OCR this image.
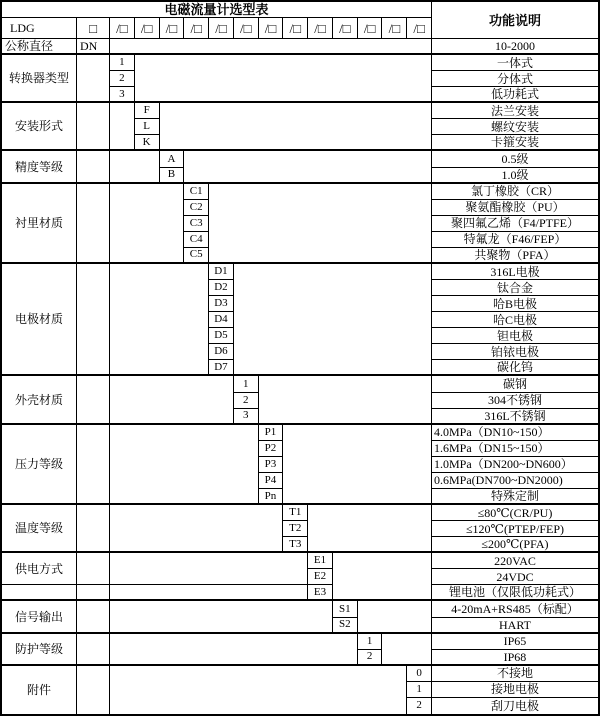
电磁流量计选型表
功能说明
LDG	□	/□	/□	/□	/□	/□	/□	/□	/□	/□	/□	/□	/□	/□
公称直径	DN	10-2000
转换器类型
1	一体式
2	分体式
3	低功耗式
安装形式
F	法兰安装
L	螺纹安装
K	卡箍安装
精度等级
A	0.5级
B	1.0级
衬里材质
C1	氯丁橡胶（CR）
C2	聚氨酯橡胶（PU）
C3	聚四氟乙烯（F4/PTFE）
C4	特氟龙（F46/FEP）
C5	共聚物（PFA）
电极材质
D1	316L电极
D2	钛合金
D3	哈B电极
D4	哈C电极
D5	钽电极
D6	铂铱电极
D7	碳化钨
外壳材质
1	碳钢
2	304不锈钢
3	316L不锈钢
压力等级
P1	4.0MPa（DN10~150）
P2	1.6MPa（DN15~150）
P3	1.0MPa（DN200~DN600）
P4	0.6MPa(DN700~DN2000)
Pn	特殊定制
温度等级
T1	≤80℃(CR/PU)
T2	≤120℃(PTEP/FEP)
T3	≤200℃(PFA)
供电方式
E1	220VAC
E2	24VDC
E3	锂电池（仅限低功耗式）
信号输出
S1	4-20mA+RS485（标配）
S2	HART
防护等级
1	IP65
2	IP68
附件
0	不接地
1	接地电极
2	刮刀电极
